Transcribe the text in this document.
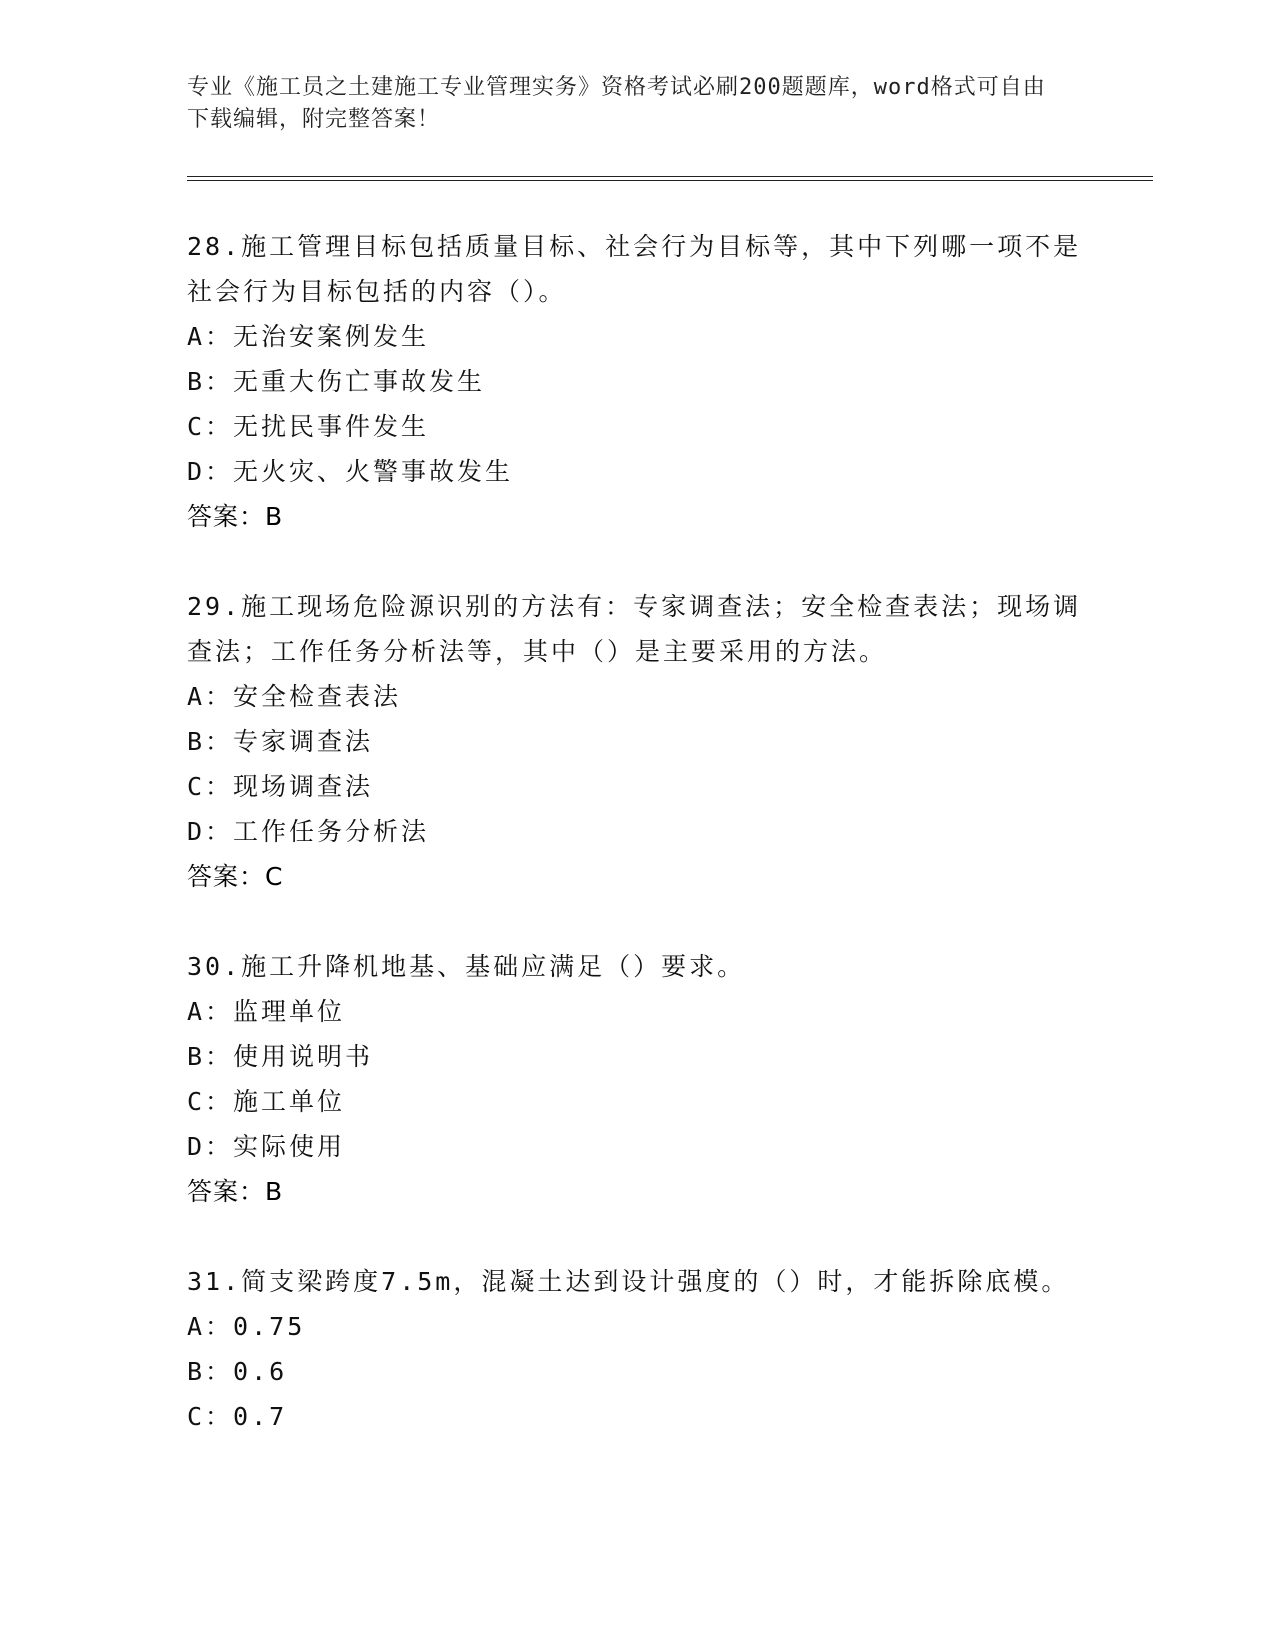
专业《施工员之土建施工专业管理实务》资格考试必刷200题题库，word格式可自由下载编辑，附完整答案！

28.施工管理目标包括质量目标、社会行为目标等，其中下列哪一项不是社会行为目标包括的内容（）。

A：无治安案例发生

B：无重大伤亡事故发生

C：无扰民事件发生

D：无火灾、火警事故发生

答案：B

29.施工现场危险源识别的方法有：专家调查法；安全检查表法；现场调查法；工作任务分析法等，其中（）是主要采用的方法。

A：安全检查表法

B：专家调查法

C：现场调查法

D：工作任务分析法

答案：C

30.施工升降机地基、基础应满足（）要求。

A：监理单位

B：使用说明书

C：施工单位

D：实际使用

答案：B

31.简支梁跨度7.5m，混凝土达到设计强度的（）时，才能拆除底模。

A：0.75

B：0.6

C：0.7
